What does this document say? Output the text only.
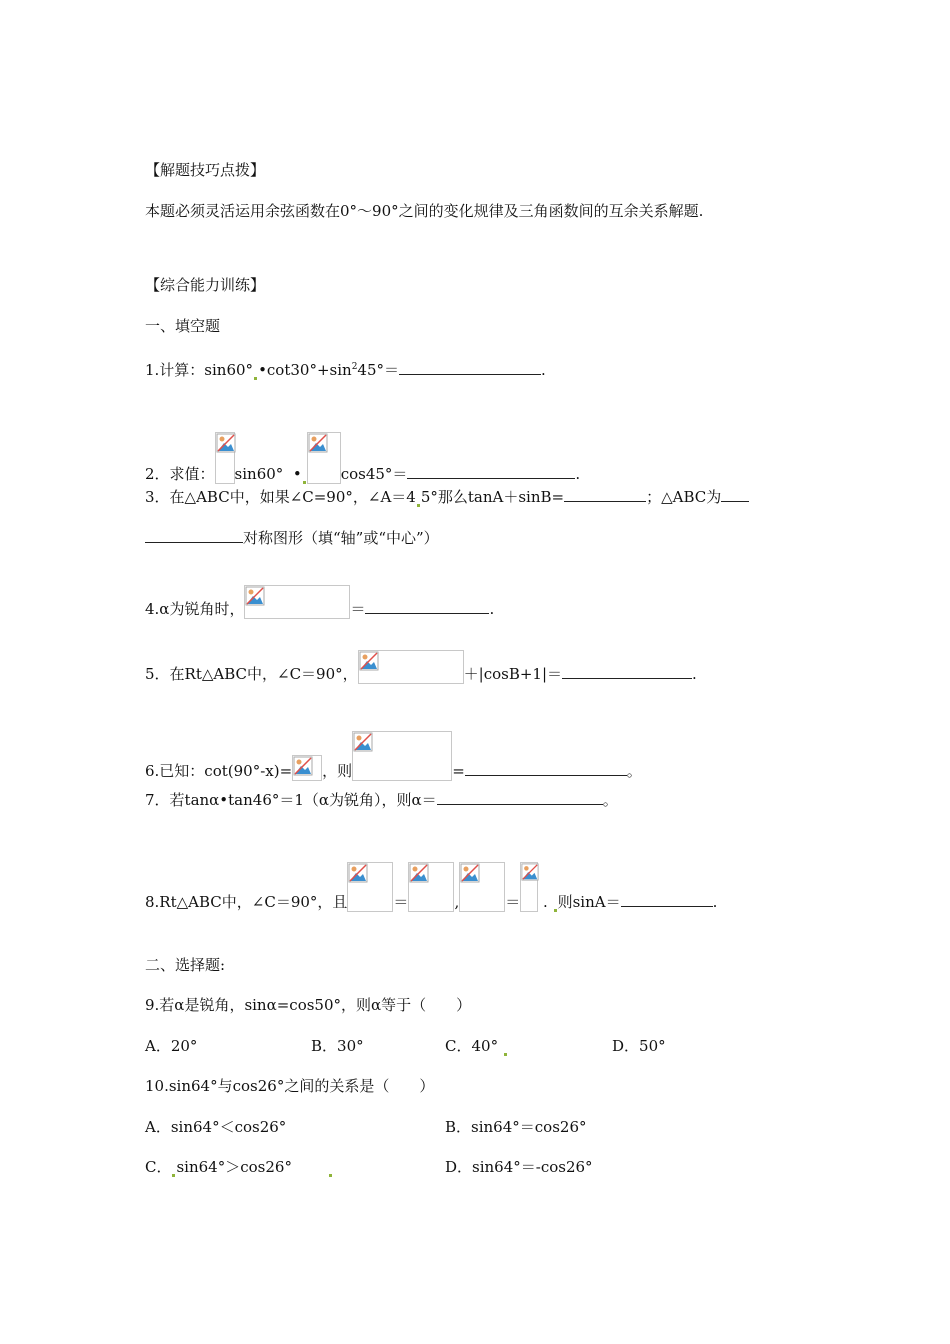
【解题技巧点拨】
本题必须灵活运用余弦函数在0°～90°之间的变化规律及三角函数间的互余关系解题.
【综合能力训练】
一、填空题
1.计算：sin60° $•\cot 30^\circ+\sin^245^\circ=$	.
2．求值： sin60° •	cos45°＝	.
3．在△ABC中，如果∠C=90°，∠A＝4 5°那么tanA＋sinB=	；△ABC为
对称图形（填“轴”或“中心”）
4.α为锐角时，	＝	.
5．在Rt△ABC中，∠C＝90°，	＋|cosB+1|＝	.
6.已知：cot(90°-x)= ，则	=	。
7．若tanα•tan46°＝1（α为锐角），则α＝	。
8.Rt△ABC中，∠C＝90°，且	＝	,	＝ . 则sinA＝	.
二、选择题:
9.若α是锐角，sinα=cos50°，则α等于（　　）
A．20°	B．30°	C．40°	D．50°
10.sin64°与cos26°之间的关系是（　　）
A．sin64°＜cos26°	B．sin64°＝cos26°
C． sin64°＞cos26°	D．sin64°＝-cos26°
